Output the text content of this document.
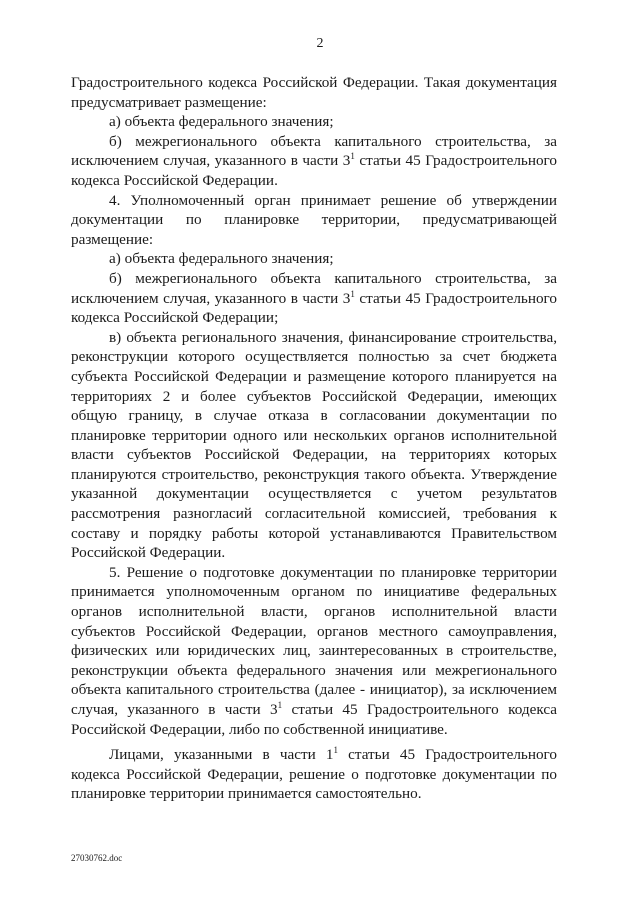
2

Градостроительного кодекса Российской Федерации. Такая документация предусматривает размещение:

а) объекта федерального значения;

б) межрегионального объекта капитального строительства, за исключением случая, указанного в части $3^1$ статьи 45 Градостроительного кодекса Российской Федерации.

4. Уполномоченный орган принимает решение об утверждении документации по планировке территории, предусматривающей размещение:

а) объекта федерального значения;

б) межрегионального объекта капитального строительства, за исключением случая, указанного в части $3^1$ статьи 45 Градостроительного кодекса Российской Федерации;

в) объекта регионального значения, финансирование строительства, реконструкции которого осуществляется полностью за счет бюджета субъекта Российской Федерации и размещение которого планируется на территориях 2 и более субъектов Российской Федерации, имеющих общую границу, в случае отказа в согласовании документации по планировке территории одного или нескольких органов исполнительной власти субъектов Российской Федерации, на территориях которых планируются строительство, реконструкция такого объекта. Утверждение указанной документации осуществляется с учетом результатов рассмотрения разногласий согласительной комиссией, требования к составу и порядку работы которой устанавливаются Правительством Российской Федерации.

5. Решение о подготовке документации по планировке территории принимается уполномоченным органом по инициативе федеральных органов исполнительной власти, органов исполнительной власти субъектов Российской Федерации, органов местного самоуправления, физических или юридических лиц, заинтересованных в строительстве, реконструкции объекта федерального значения или межрегионального объекта капитального строительства (далее - инициатор), за исключением случая, указанного в части $3^1$ статьи 45 Градостроительного кодекса Российской Федерации, либо по собственной инициативе.

Лицами, указанными в части $1^1$ статьи 45 Градостроительного кодекса Российской Федерации, решение о подготовке документации по планировке территории принимается самостоятельно.

27030762.doc
